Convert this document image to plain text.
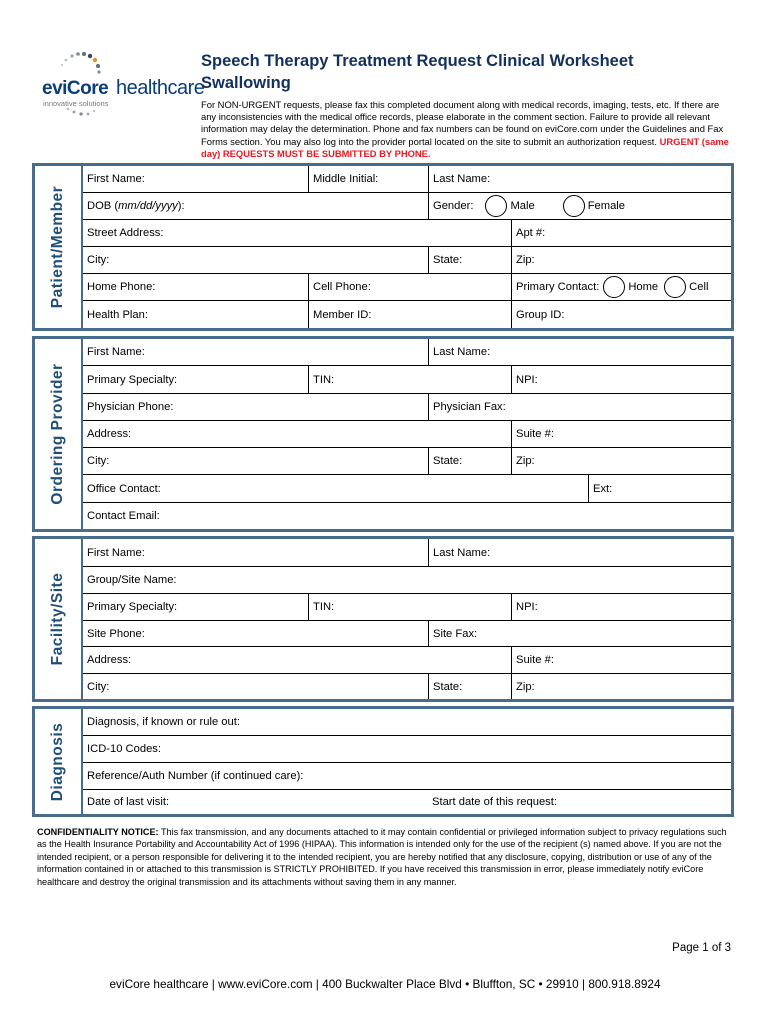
eviCore healthcare
innovative solutions
Speech Therapy Treatment Request Clinical Worksheet
Swallowing
For NON-URGENT requests, please fax this completed document along with medical records, imaging, tests, etc. If there are any inconsistencies with the medical office records, please elaborate in the comment section. Failure to provide all relevant information may delay the determination. Phone and fax numbers can be found on eviCore.com under the Guidelines and Fax Forms section. You may also log into the provider portal located on the site to submit an authorization request. URGENT (same day) REQUESTS MUST BE SUBMITTED BY PHONE.
Patient/Member
First Name:	Middle Initial:	Last Name:
DOB ( mm/dd/yyyy ):	Gender:	Male	Female
Street Address:	Apt #:
City:	State:	Zip:
Home Phone:	Cell Phone:	Primary Contact:	Home	Cell
Health Plan:	Member ID:	Group ID:
Ordering Provider
First Name:	Last Name:
Primary Specialty:	TIN:	NPI:
Physician Phone:	Physician Fax:
Address:	Suite #:
City:	State:	Zip:
Office Contact:	Ext:
Contact Email:
Facility/Site
First Name:	Last Name:
Group/Site Name:
Primary Specialty:	TIN:	NPI:
Site Phone:	Site Fax:
Address:	Suite #:
City:	State:	Zip:
Diagnosis
Diagnosis, if known or rule out:
ICD-10 Codes:
Reference/Auth Number (if continued care):
Date of last visit:	Start date of this request:
CONFIDENTIALITY NOTICE: This fax transmission, and any documents attached to it may contain confidential or privileged information subject to privacy regulations such as the Health Insurance Portability and Accountability Act of 1996 (HIPAA). This information is intended only for the use of the recipient (s) named above. If you are not the intended recipient, or a person responsible for delivering it to the intended recipient, you are hereby notified that any disclosure, copying, distribution or use of any of the information contained in or attached to this transmission is STRICTLY PROHIBITED. If you have received this transmission in error, please immediately notify eviCore healthcare and destroy the original transmission and its attachments without saving them in any manner.
Page 1 of 3
eviCore healthcare | www.eviCore.com | 400 Buckwalter Place Blvd • Bluffton, SC • 29910 | 800.918.8924
